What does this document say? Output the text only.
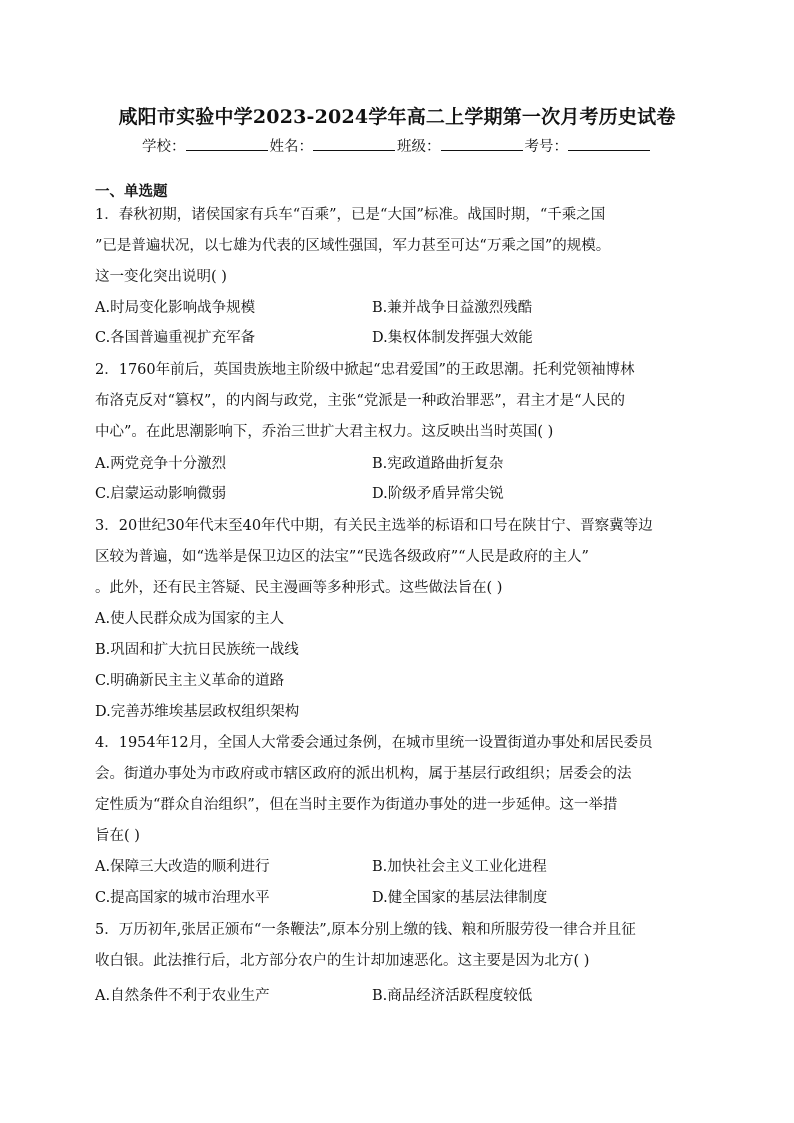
咸阳市实验中学2023-2024学年高二上学期第一次月考历史试卷
学校：	姓名：	班级：	考号：
一、单选题
1．春秋初期，诸侯国家有兵车“百乘”，已是“大国”标准。战国时期，“千乘之国
”已是普遍状况，以七雄为代表的区域性强国，军力甚至可达“万乘之国”的规模。
这一变化突出说明( )
A.时局变化影响战争规模	B.兼并战争日益激烈残酷
C.各国普遍重视扩充军备	D.集权体制发挥强大效能
2．1760年前后，英国贵族地主阶级中掀起“忠君爱国”的王政思潮。托利党领袖博林
布洛克反对“篡权”，的内阁与政党，主张“党派是一种政治罪恶”，君主才是“人民的
中心”。在此思潮影响下，乔治三世扩大君主权力。这反映出当时英国( )
A.两党竞争十分激烈	B.宪政道路曲折复杂
C.启蒙运动影响微弱	D.阶级矛盾异常尖锐
3．20世纪30年代末至40年代中期，有关民主选举的标语和口号在陕甘宁、晋察冀等边
区较为普遍，如“选举是保卫边区的法宝”“民选各级政府”“人民是政府的主人”
。此外，还有民主答疑、民主漫画等多种形式。这些做法旨在( )
A.使人民群众成为国家的主人
B.巩固和扩大抗日民族统一战线
C.明确新民主主义革命的道路
D.完善苏维埃基层政权组织架构
4．1954年12月，全国人大常委会通过条例，在城市里统一设置街道办事处和居民委员
会。街道办事处为市政府或市辖区政府的派出机构，属于基层行政组织；居委会的法
定性质为“群众自治组织”，但在当时主要作为街道办事处的进一步延伸。这一举措
旨在( )
A.保障三大改造的顺利进行	B.加快社会主义工业化进程
C.提高国家的城市治理水平	D.健全国家的基层法律制度
5．万历初年,张居正颁布“一条鞭法”,原本分别上缴的钱、粮和所服劳役一律合并且征
收白银。此法推行后，北方部分农户的生计却加速恶化。这主要是因为北方( )
A.自然条件不利于农业生产	B.商品经济活跃程度较低
